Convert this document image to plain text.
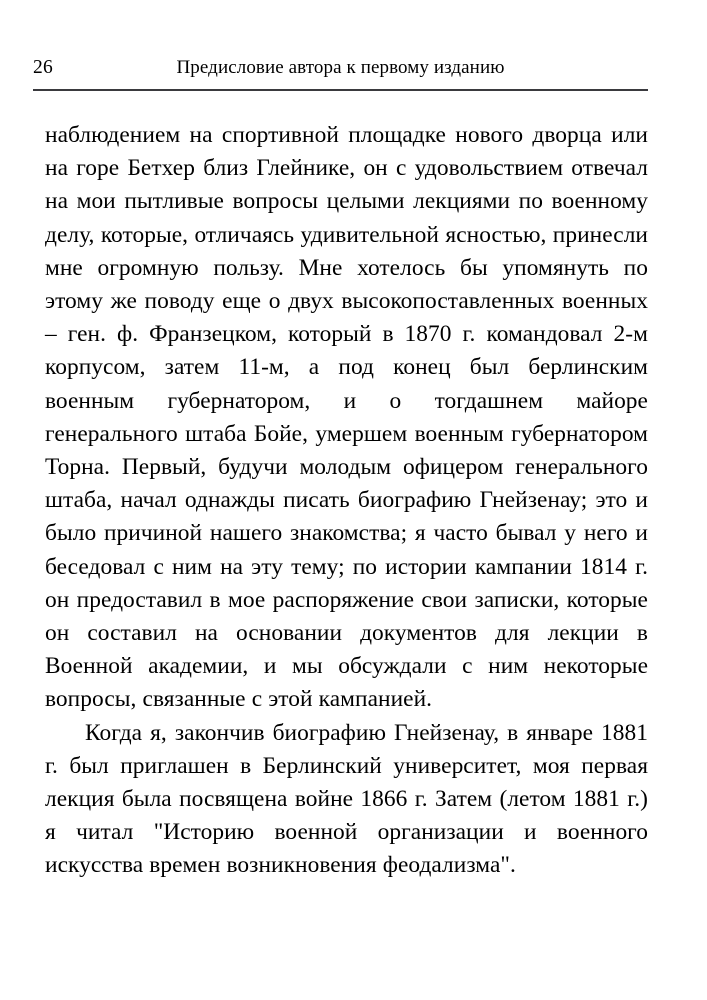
26	Предисловие автора к первому изданию

наблюдением на спортивной площадке нового дворца или на горе Бетхер близ Глейнике, он с удовольствием отвечал на мои пытливые вопросы целыми лекциями по военному делу, которые, отличаясь удивительной ясностью, принесли мне огромную пользу. Мне хотелось бы упомянуть по этому же поводу еще о двух высокопоставленных военных – ген. ф. Франзецком, который в 1870 г. командовал 2-м корпусом, затем 11-м, а под конец был берлинским военным губернатором, и о тогдашнем майоре генерального штаба Бойе, умершем военным губернатором Торна. Первый, будучи молодым офицером генерального штаба, начал однажды писать биографию Гнейзенау; это и было причиной нашего знакомства; я часто бывал у него и беседовал с ним на эту тему; по истории кампании 1814 г. он предоставил в мое распоряжение свои записки, которые он составил на основании документов для лекции в Военной академии, и мы обсуждали с ним некоторые вопросы, связанные с этой кампанией.

Когда я, закончив биографию Гнейзенау, в январе 1881 г. был приглашен в Берлинский университет, моя первая лекция была посвящена войне 1866 г. Затем (летом 1881 г.) я читал "Историю военной организации и военного искусства времен возникновения феодализма".
